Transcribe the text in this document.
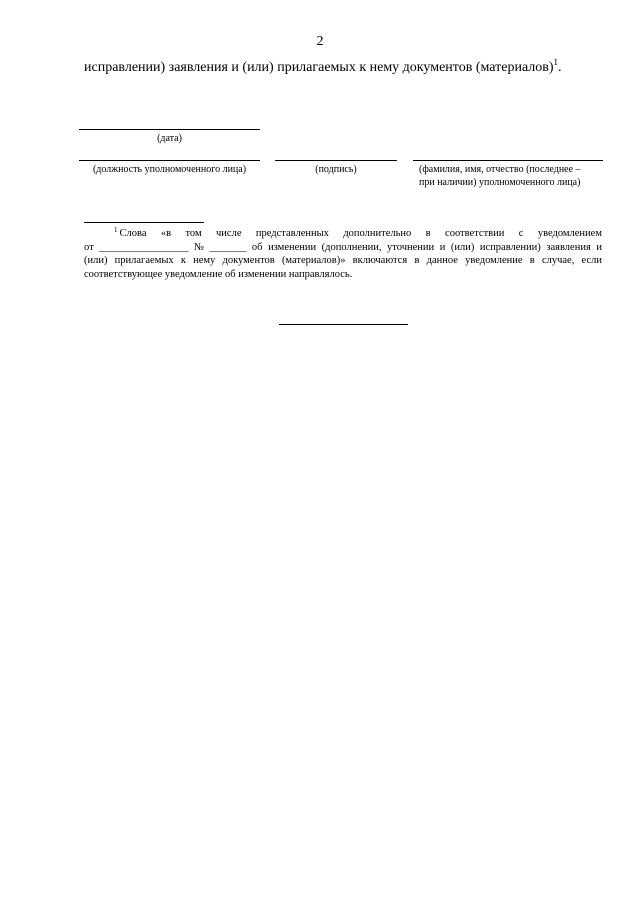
2
исправлении) заявления и (или) прилагаемых к нему документов (материалов)$^1$.
(дата)
(должность уполномоченного лица)	(подпись)	(фамилия, имя, отчество (последнее –
при наличии) уполномоченного лица)
$^1$ Слова «в том числе представленных дополнительно в соответствии с уведомлением
от _________________ № _______ об изменении (дополнении, уточнении и (или) исправлении) заявления и
(или) прилагаемых к нему документов (материалов)» включаются в данное уведомление в случае, если
соответствующее уведомление об изменении направлялось.
